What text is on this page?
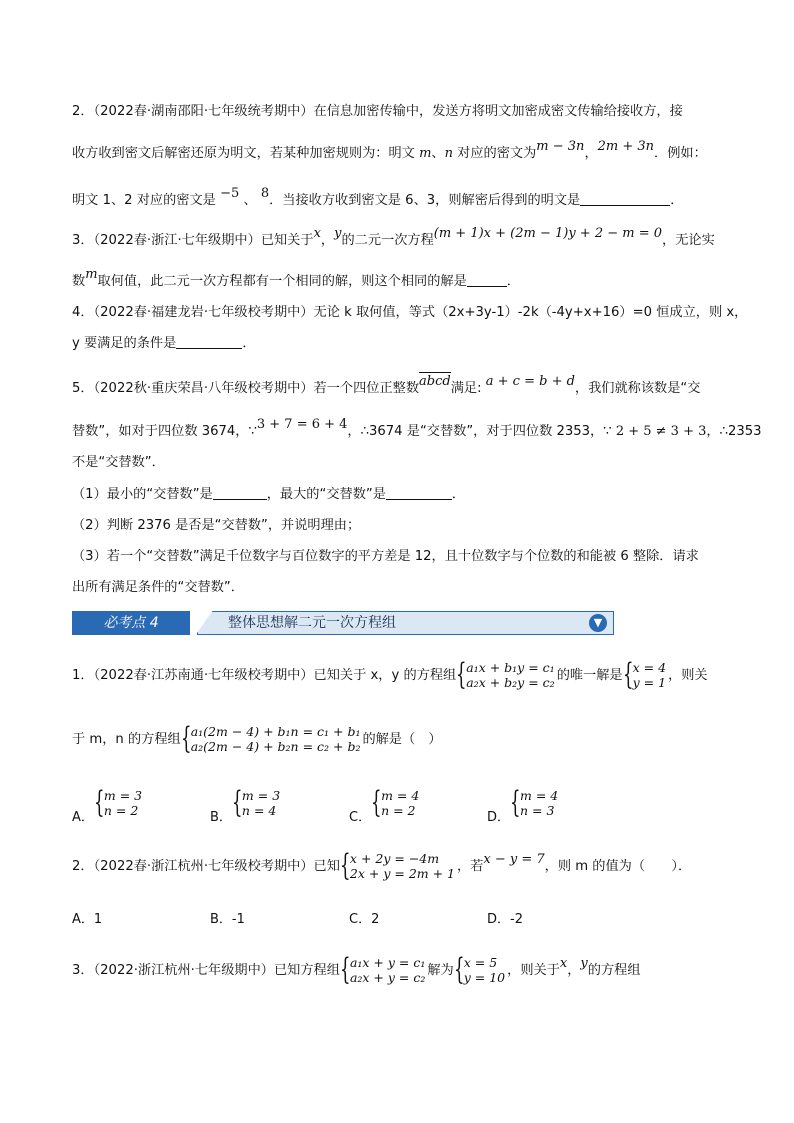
2．（2022春·湖南邵阳·七年级统考期中）在信息加密传输中，发送方将明文加密成密文传输给接收方，接
收方收到密文后解密还原为明文，若某种加密规则为：明文 m、n 对应的密文为m − 3n，2m + 3n．例如：
明文 1、2 对应的密文是 −5 、 8．当接收方收到密文是 6、3，则解密后得到的明文是	．
3．（2022春·浙江·七年级期中）已知关于x，y的二元一次方程(m + 1)x + (2m − 1)y + 2 − m = 0，无论实
数m取何值，此二元一次方程都有一个相同的解，则这个相同的解是	．
4．（2022春·福建龙岩·七年级校考期中）无论 k 取何值，等式（2x+3y-1）-2k（-4y+x+16）=0 恒成立，则 x，
y 要满足的条件是	．
5．（2022秋·重庆荣昌·八年级校考期中）若一个四位正整数abcd满足: a + c = b + d，我们就称该数是“交
替数”，如对于四位数 3674，∵3 + 7 = 6 + 4，∴3674 是“交替数”，对于四位数 2353，∵ 2 + 5 ≠ 3 + 3，∴2353
不是“交替数”．
（1）最小的“交替数”是	，最大的“交替数”是	．
（2）判断 2376 是否是“交替数”，并说明理由；
（3）若一个“交替数”满足千位数字与百位数字的平方差是 12，且十位数字与个位数的和能被 6 整除．请求
出所有满足条件的“交替数”．
整体思想解二元一次方程组	▼
必考点 4
1．（2022春·江苏南通·七年级校考期中）已知关于 x，y 的方程组
{ a₁x + b₁y = c₁
a₂x + b₂y = c₂ 的唯一解是
{ x = 4
y = 1 ，则关
于 m，n 的方程组
{ a₁(2m − 4) + b₁n = c₁ + b₁
a₂(2m − 4) + b₂n = c₂ + b₂ 的解是（　）
A．
{ m = 3
n = 2	B．
{ m = 3
n = 4	C．
{ m = 4
n = 2	D．
{ m = 4
n = 3
2．（2022春·浙江杭州·七年级校考期中）已知
{ x + 2y = −4m
2x + y = 2m + 1 ，若x − y = 7，则 m 的值为（　　）．
A．1	B．-1	C．2	D．-2
3．（2022·浙江杭州·七年级期中）已知方程组
{ a₁x + y = c₁
a₂x + y = c₂ 解为
{ x = 5
y = 10 ，则关于x，y的方程组
